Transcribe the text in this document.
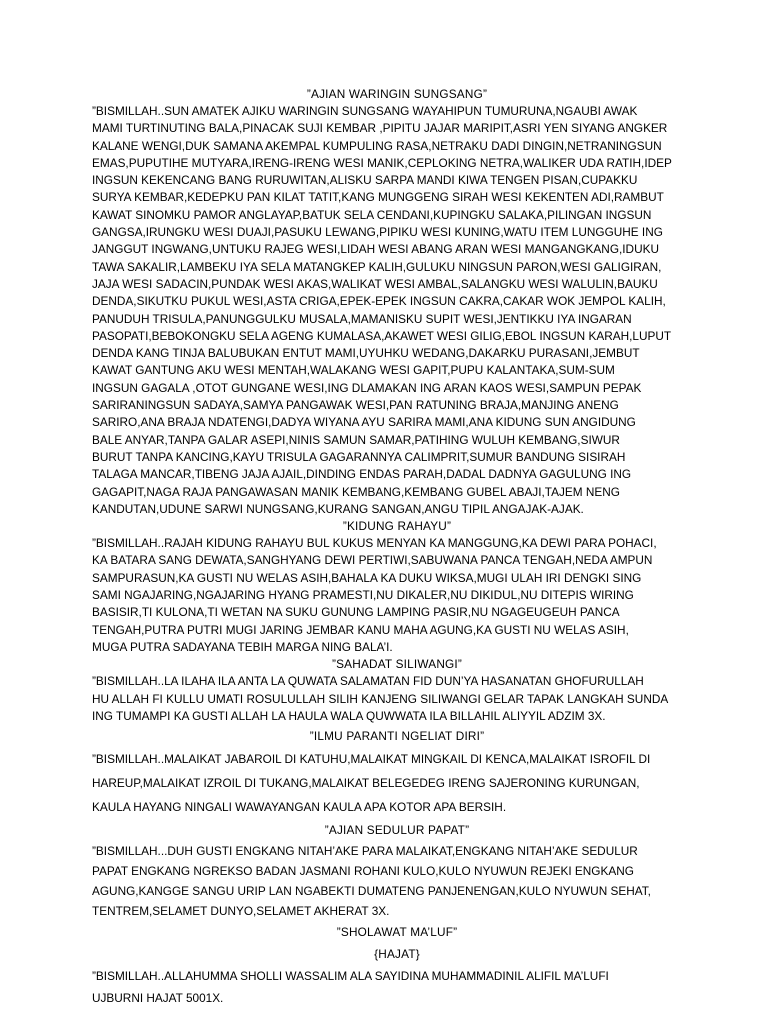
”AJIAN WARINGIN SUNGSANG”

”BISMILLAH..SUN AMATEK AJIKU WARINGIN SUNGSANG WAYAHIPUN TUMURUNA,NGAUBI AWAK

MAMI TURTINUTING BALA,PINACAK SUJI KEMBAR ,PIPITU JAJAR MARIPIT,ASRI YEN SIYANG ANGKER

KALANE WENGI,DUK SAMANA AKEMPAL KUMPULING RASA,NETRAKU DADI DINGIN,NETRANINGSUN

EMAS,PUPUTIHE MUTYARA,IRENG-IRENG WESI MANIK,CEPLOKING NETRA,WALIKER UDA RATIH,IDEP

INGSUN KEKENCANG BANG RURUWITAN,ALISKU SARPA MANDI KIWA TENGEN PISAN,CUPAKKU

SURYA KEMBAR,KEDEPKU PAN KILAT TATIT,KANG MUNGGENG SIRAH WESI KEKENTEN ADI,RAMBUT

KAWAT SINOMKU PAMOR ANGLAYAP,BATUK SELA CENDANI,KUPINGKU SALAKA,PILINGAN INGSUN

GANGSA,IRUNGKU WESI DUAJI,PASUKU LEWANG,PIPIKU WESI KUNING,WATU ITEM LUNGGUHE ING

JANGGUT INGWANG,UNTUKU RAJEG WESI,LIDAH WESI ABANG ARAN WESI MANGANGKANG,IDUKU

TAWA SAKALIR,LAMBEKU IYA SELA MATANGKEP KALIH,GULUKU NINGSUN PARON,WESI GALIGIRAN,

JAJA WESI SADACIN,PUNDAK WESI AKAS,WALIKAT WESI AMBAL,SALANGKU WESI WALULIN,BAUKU

DENDA,SIKUTKU PUKUL WESI,ASTA CRIGA,EPEK-EPEK INGSUN CAKRA,CAKAR WOK JEMPOL KALIH,

PANUDUH TRISULA,PANUNGGULKU MUSALA,MAMANISKU SUPIT WESI,JENTIKKU IYA INGARAN

PASOPATI,BEBOKONGKU SELA AGENG KUMALASA,AKAWET WESI GILIG,EBOL INGSUN KARAH,LUPUT

DENDA KANG TINJA BALUBUKAN ENTUT MAMI,UYUHKU WEDANG,DAKARKU PURASANI,JEMBUT

KAWAT GANTUNG AKU WESI MENTAH,WALAKANG WESI GAPIT,PUPU KALANTAKA,SUM-SUM

INGSUN GAGALA ,OTOT GUNGANE WESI,ING DLAMAKAN ING ARAN KAOS WESI,SAMPUN PEPAK

SARIRANINGSUN SADAYA,SAMYA PANGAWAK WESI,PAN RATUNING BRAJA,MANJING ANENG

SARIRO,ANA BRAJA NDATENGI,DADYA WIYANA AYU SARIRA MAMI,ANA KIDUNG SUN ANGIDUNG

BALE ANYAR,TANPA GALAR ASEPI,NINIS SAMUN SAMAR,PATIHING WULUH KEMBANG,SIWUR

BURUT TANPA KANCING,KAYU TRISULA GAGARANNYA CALIMPRIT,SUMUR BANDUNG SISIRAH

TALAGA MANCAR,TIBENG JAJA AJAIL,DINDING ENDAS PARAH,DADAL DADNYA GAGULUNG ING

GAGAPIT,NAGA RAJA PANGAWASAN MANIK KEMBANG,KEMBANG GUBEL ABAJI,TAJEM NENG

KANDUTAN,UDUNE SARWI NUNGSANG,KURANG SANGAN,ANGU TIPIL ANGAJAK-AJAK.

”KIDUNG RAHAYU”

”BISMILLAH..RAJAH KIDUNG RAHAYU BUL KUKUS MENYAN KA MANGGUNG,KA DEWI PARA POHACI,

KA BATARA SANG DEWATA,SANGHYANG DEWI PERTIWI,SABUWANA PANCA TENGAH,NEDA AMPUN

SAMPURASUN,KA GUSTI NU WELAS ASIH,BAHALA KA DUKU WIKSA,MUGI ULAH IRI DENGKI SING

SAMI NGAJARING,NGAJARING HYANG PRAMESTI,NU DIKALER,NU DIKIDUL,NU DITEPIS WIRING

BASISIR,TI KULONA,TI WETAN NA SUKU GUNUNG LAMPING PASIR,NU NGAGEUGEUH PANCA

TENGAH,PUTRA PUTRI MUGI JARING JEMBAR KANU MAHA AGUNG,KA GUSTI NU WELAS ASIH,

MUGA PUTRA SADAYANA TEBIH MARGA NING BALA’I.

”SAHADAT SILIWANGI”

”BISMILLAH..LA ILAHA ILA ANTA LA QUWATA SALAMATAN FID DUN’YA HASANATAN GHOFURULLAH

HU ALLAH FI KULLU UMATI ROSULULLAH SILIH KANJENG SILIWANGI GELAR TAPAK LANGKAH SUNDA

ING TUMAMPI KA GUSTI ALLAH LA HAULA WALA QUWWATA ILA BILLAHIL ALIYYIL ADZIM 3X.

”ILMU PARANTI NGELIAT DIRI”

”BISMILLAH..MALAIKAT JABAROIL DI KATUHU,MALAIKAT MINGKAIL DI KENCA,MALAIKAT ISROFIL DI

HAREUP,MALAIKAT IZROIL DI TUKANG,MALAIKAT BELEGEDEG IRENG SAJERONING KURUNGAN,

KAULA HAYANG NINGALI WAWAYANGAN KAULA APA KOTOR APA BERSIH.

”AJIAN SEDULUR PAPAT”

”BISMILLAH...DUH GUSTI ENGKANG NITAH’AKE PARA MALAIKAT,ENGKANG NITAH’AKE SEDULUR

PAPAT ENGKANG NGREKSO BADAN JASMANI ROHANI KULO,KULO NYUWUN REJEKI ENGKANG

AGUNG,KANGGE SANGU URIP LAN NGABEKTI DUMATENG PANJENENGAN,KULO NYUWUN SEHAT,

TENTREM,SELAMET DUNYO,SELAMET AKHERAT 3X.

”SHOLAWAT MA’LUF”

{HAJAT}

”BISMILLAH..ALLAHUMMA SHOLLI WASSALIM ALA SAYIDINA MUHAMMADINIL ALIFIL MA’LUFI

UJBURNI HAJAT 5001X.
